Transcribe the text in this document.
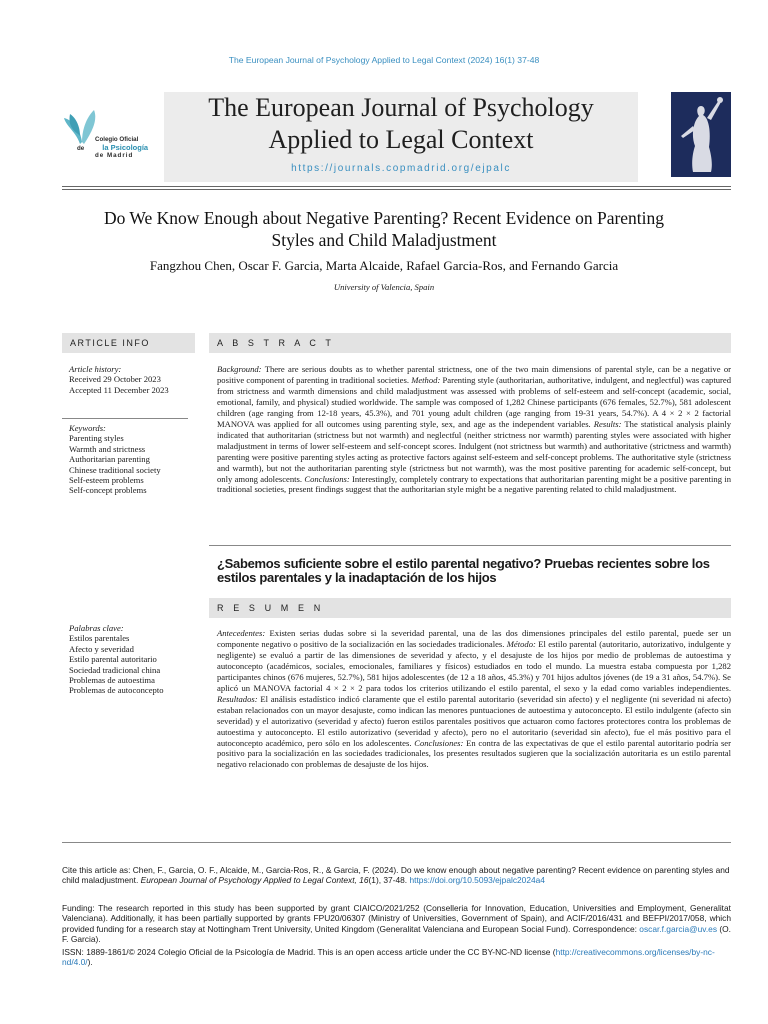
The European Journal of Psychology Applied to Legal Context (2024) 16(1) 37-48
Colegio Oficial
de la Psicología
de Madrid
The European Journal of Psychology
Applied to Legal Context
https://journals.copmadrid.org/ejpalc
Do We Know Enough about Negative Parenting? Recent Evidence on Parenting
Styles and Child Maladjustment
Fangzhou Chen, Oscar F. Garcia, Marta Alcaide, Rafael Garcia-Ros, and Fernando Garcia
University of Valencia, Spain
ARTICLE INFO	A B S T R A C T
Article history:
Received 29 October 2023
Accepted 11 December 2023
Keywords:
Parenting styles
Warmth and strictness
Authoritarian parenting
Chinese traditional society
Self-esteem problems
Self-concept problems
Palabras clave:
Estilos parentales
Afecto y severidad
Estilo parental autoritario
Sociedad tradicional china
Problemas de autoestima
Problemas de autoconcepto
Background: There are serious doubts as to whether parental strictness, one of the two main dimensions of parental style, can be a negative or positive component of parenting in traditional societies. Method: Parenting style (authoritarian, authoritative, indulgent, and neglectful) was captured from strictness and warmth dimensions and child maladjustment was assessed with problems of self-esteem and self-concept (academic, social, emotional, family, and physical) studied worldwide. The sample was composed of 1,282 Chinese participants (676 females, 52.7%), 581 adolescent children (age ranging from 12-18 years, 45.3%), and 701 young adult children (age ranging from 19-31 years, 54.7%). A 4 × 2 × 2 factorial MANOVA was applied for all outcomes using parenting style, sex, and age as the independent variables. Results: The statistical analysis plainly indicated that authoritarian (strictness but not warmth) and neglectful (neither strictness nor warmth) parenting styles were associated with higher maladjustment in terms of lower self-esteem and self-concept scores. Indulgent (not strictness but warmth) and authoritative (strictness and warmth) parenting were positive parenting styles acting as protective factors against self-esteem and self-concept problems. The authoritative style (strictness and warmth), but not the authoritarian parenting style (strictness but not warmth), was the most positive parenting for academic self-concept, but only among adolescents. Conclusions: Interestingly, completely contrary to expectations that authoritarian parenting might be a positive parenting in traditional societies, present findings suggest that the authoritarian style might be a negative parenting related to child maladjustment.
¿Sabemos suficiente sobre el estilo parental negativo? Pruebas recientes sobre los estilos parentales y la inadaptación de los hijos
R E S U M E N
Antecedentes: Existen serias dudas sobre si la severidad parental, una de las dos dimensiones principales del estilo parental, puede ser un componente negativo o positivo de la socialización en las sociedades tradicionales. Método: El estilo parental (autoritario, autorizativo, indulgente y negligente) se evaluó a partir de las dimensiones de severidad y afecto, y el desajuste de los hijos por medio de problemas de autoestima y autoconcepto (académicos, sociales, emocionales, familiares y físicos) estudiados en todo el mundo. La muestra estaba compuesta por 1,282 participantes chinos (676 mujeres, 52.7%), 581 hijos adolescentes (de 12 a 18 años, 45.3%) y 701 hijos adultos jóvenes (de 19 a 31 años, 54.7%). Se aplicó un MANOVA factorial 4 × 2 × 2 para todos los criterios utilizando el estilo parental, el sexo y la edad como variables independientes. Resultados: El análisis estadístico indicó claramente que el estilo parental autoritario (severidad sin afecto) y el negligente (ni severidad ni afecto) estaban relacionados con un mayor desajuste, como indican las menores puntuaciones de autoestima y autoconcepto. El estilo indulgente (afecto sin severidad) y el autorizativo (severidad y afecto) fueron estilos parentales positivos que actuaron como factores protectores contra los problemas de autoestima y autoconcepto. El estilo autorizativo (severidad y afecto), pero no el autoritario (severidad sin afecto), fue el más positivo para el autoconcepto académico, pero sólo en los adolescentes. Conclusiones: En contra de las expectativas de que el estilo parental autoritario podría ser positivo para la socialización en las sociedades tradicionales, los presentes resultados sugieren que la socialización autoritaria es un estilo parental negativo relacionado con problemas de desajuste de los hijos.
Cite this article as: Chen, F., Garcia, O. F., Alcaide, M., Garcia-Ros, R., & Garcia, F. (2024). Do we know enough about negative parenting? Recent evidence on parenting styles and child maladjustment. European Journal of Psychology Applied to Legal Context, 16(1), 37-48. https://doi.org/10.5093/ejpalc2024a4
Funding: The research reported in this study has been supported by grant CIAICO/2021/252 (Conselleria for Innovation, Education, Universities and Employment, Generalitat Valenciana). Additionally, it has been partially supported by grants FPU20/06307 (Ministry of Universities, Government of Spain), and ACIF/2016/431 and BEFPI/2017/058, which provided funding for a research stay at Nottingham Trent University, United Kingdom (Generalitat Valenciana and European Social Fund). Correspondence: oscar.f.garcia@uv.es (O. F. Garcia).
ISSN: 1889-1861/© 2024 Colegio Oficial de la Psicología de Madrid. This is an open access article under the CC BY-NC-ND license (http://creativecommons.org/licenses/by-nc-nd/4.0/).
